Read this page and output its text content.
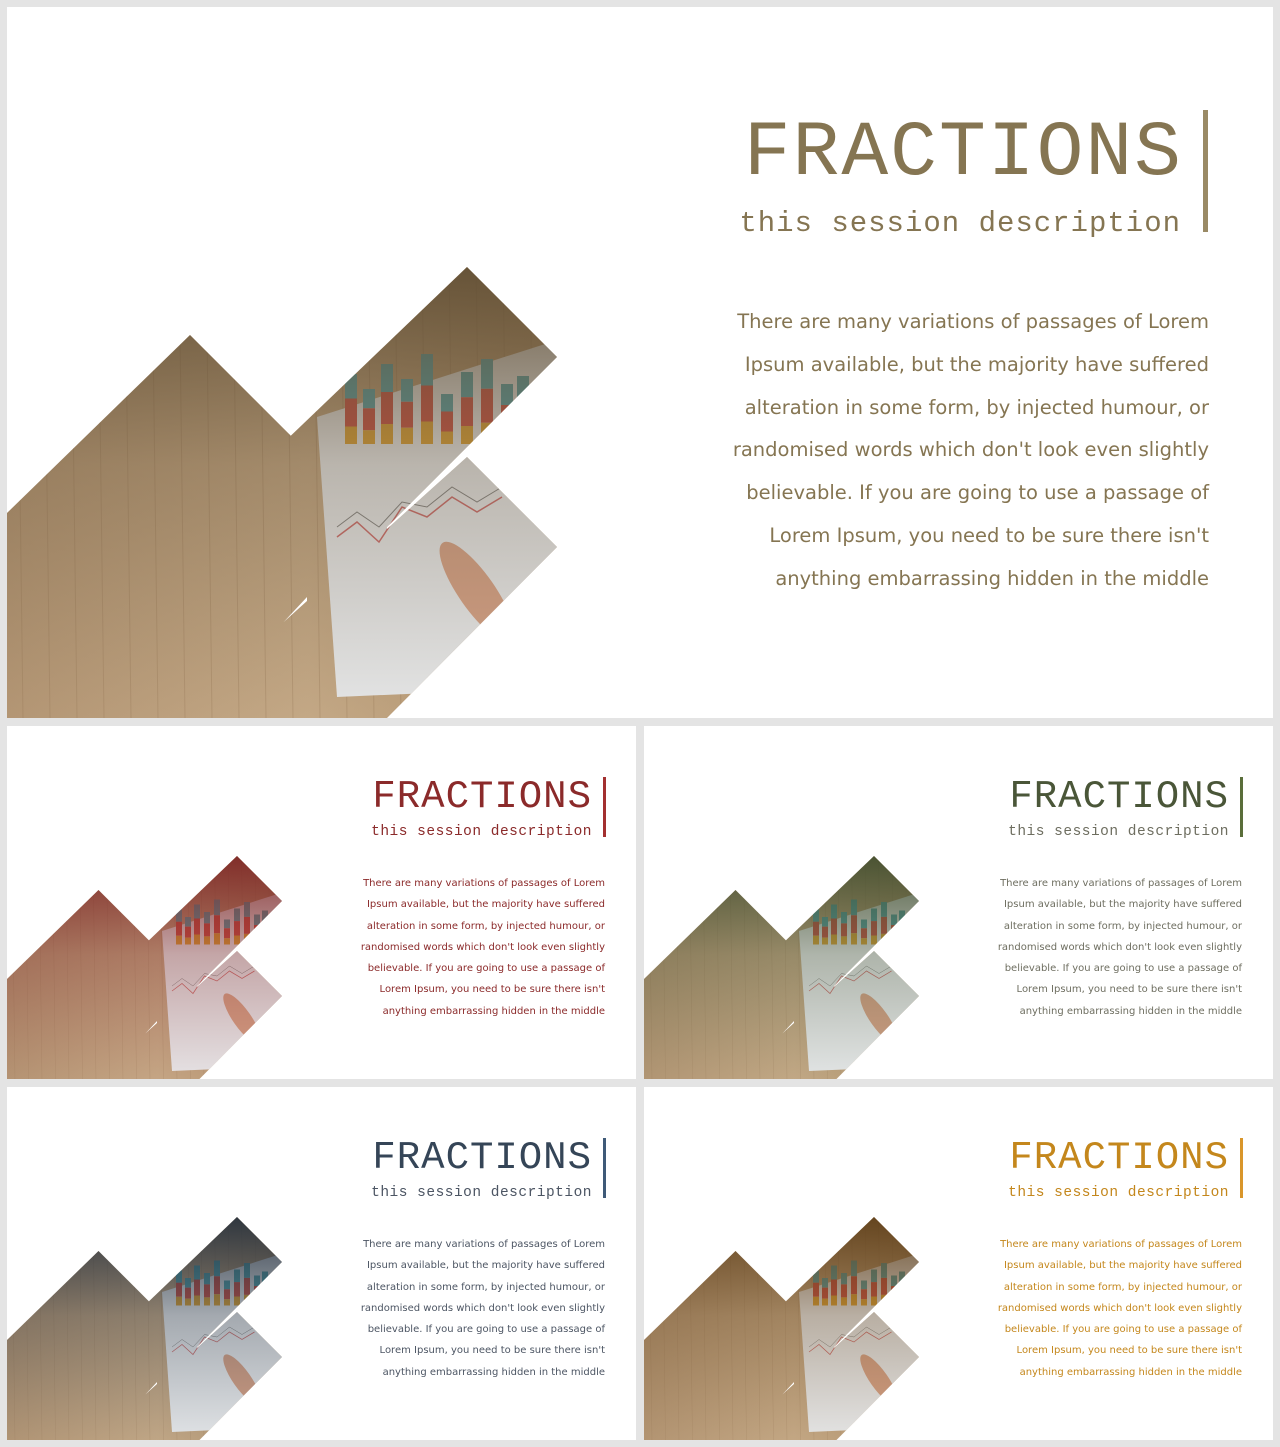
FRACTIONS
this session description
There are many variations of passages of Lorem Ipsum available, but the majority have suffered alteration in some form, by injected humour, or randomised words which don't look even slightly believable. If you are going to use a passage of Lorem Ipsum, you need to be sure there isn't anything embarrassing hidden in the middle
FRACTIONS
this session description
There are many variations of passages of Lorem Ipsum available, but the majority have suffered alteration in some form, by injected humour, or randomised words which don't look even slightly believable. If you are going to use a passage of Lorem Ipsum, you need to be sure there isn't anything embarrassing hidden in the middle
FRACTIONS
this session description
There are many variations of passages of Lorem Ipsum available, but the majority have suffered alteration in some form, by injected humour, or randomised words which don't look even slightly believable. If you are going to use a passage of Lorem Ipsum, you need to be sure there isn't anything embarrassing hidden in the middle
FRACTIONS
this session description
There are many variations of passages of Lorem Ipsum available, but the majority have suffered alteration in some form, by injected humour, or randomised words which don't look even slightly believable. If you are going to use a passage of Lorem Ipsum, you need to be sure there isn't anything embarrassing hidden in the middle
FRACTIONS
this session description
There are many variations of passages of Lorem Ipsum available, but the majority have suffered alteration in some form, by injected humour, or randomised words which don't look even slightly believable. If you are going to use a passage of Lorem Ipsum, you need to be sure there isn't anything embarrassing hidden in the middle
